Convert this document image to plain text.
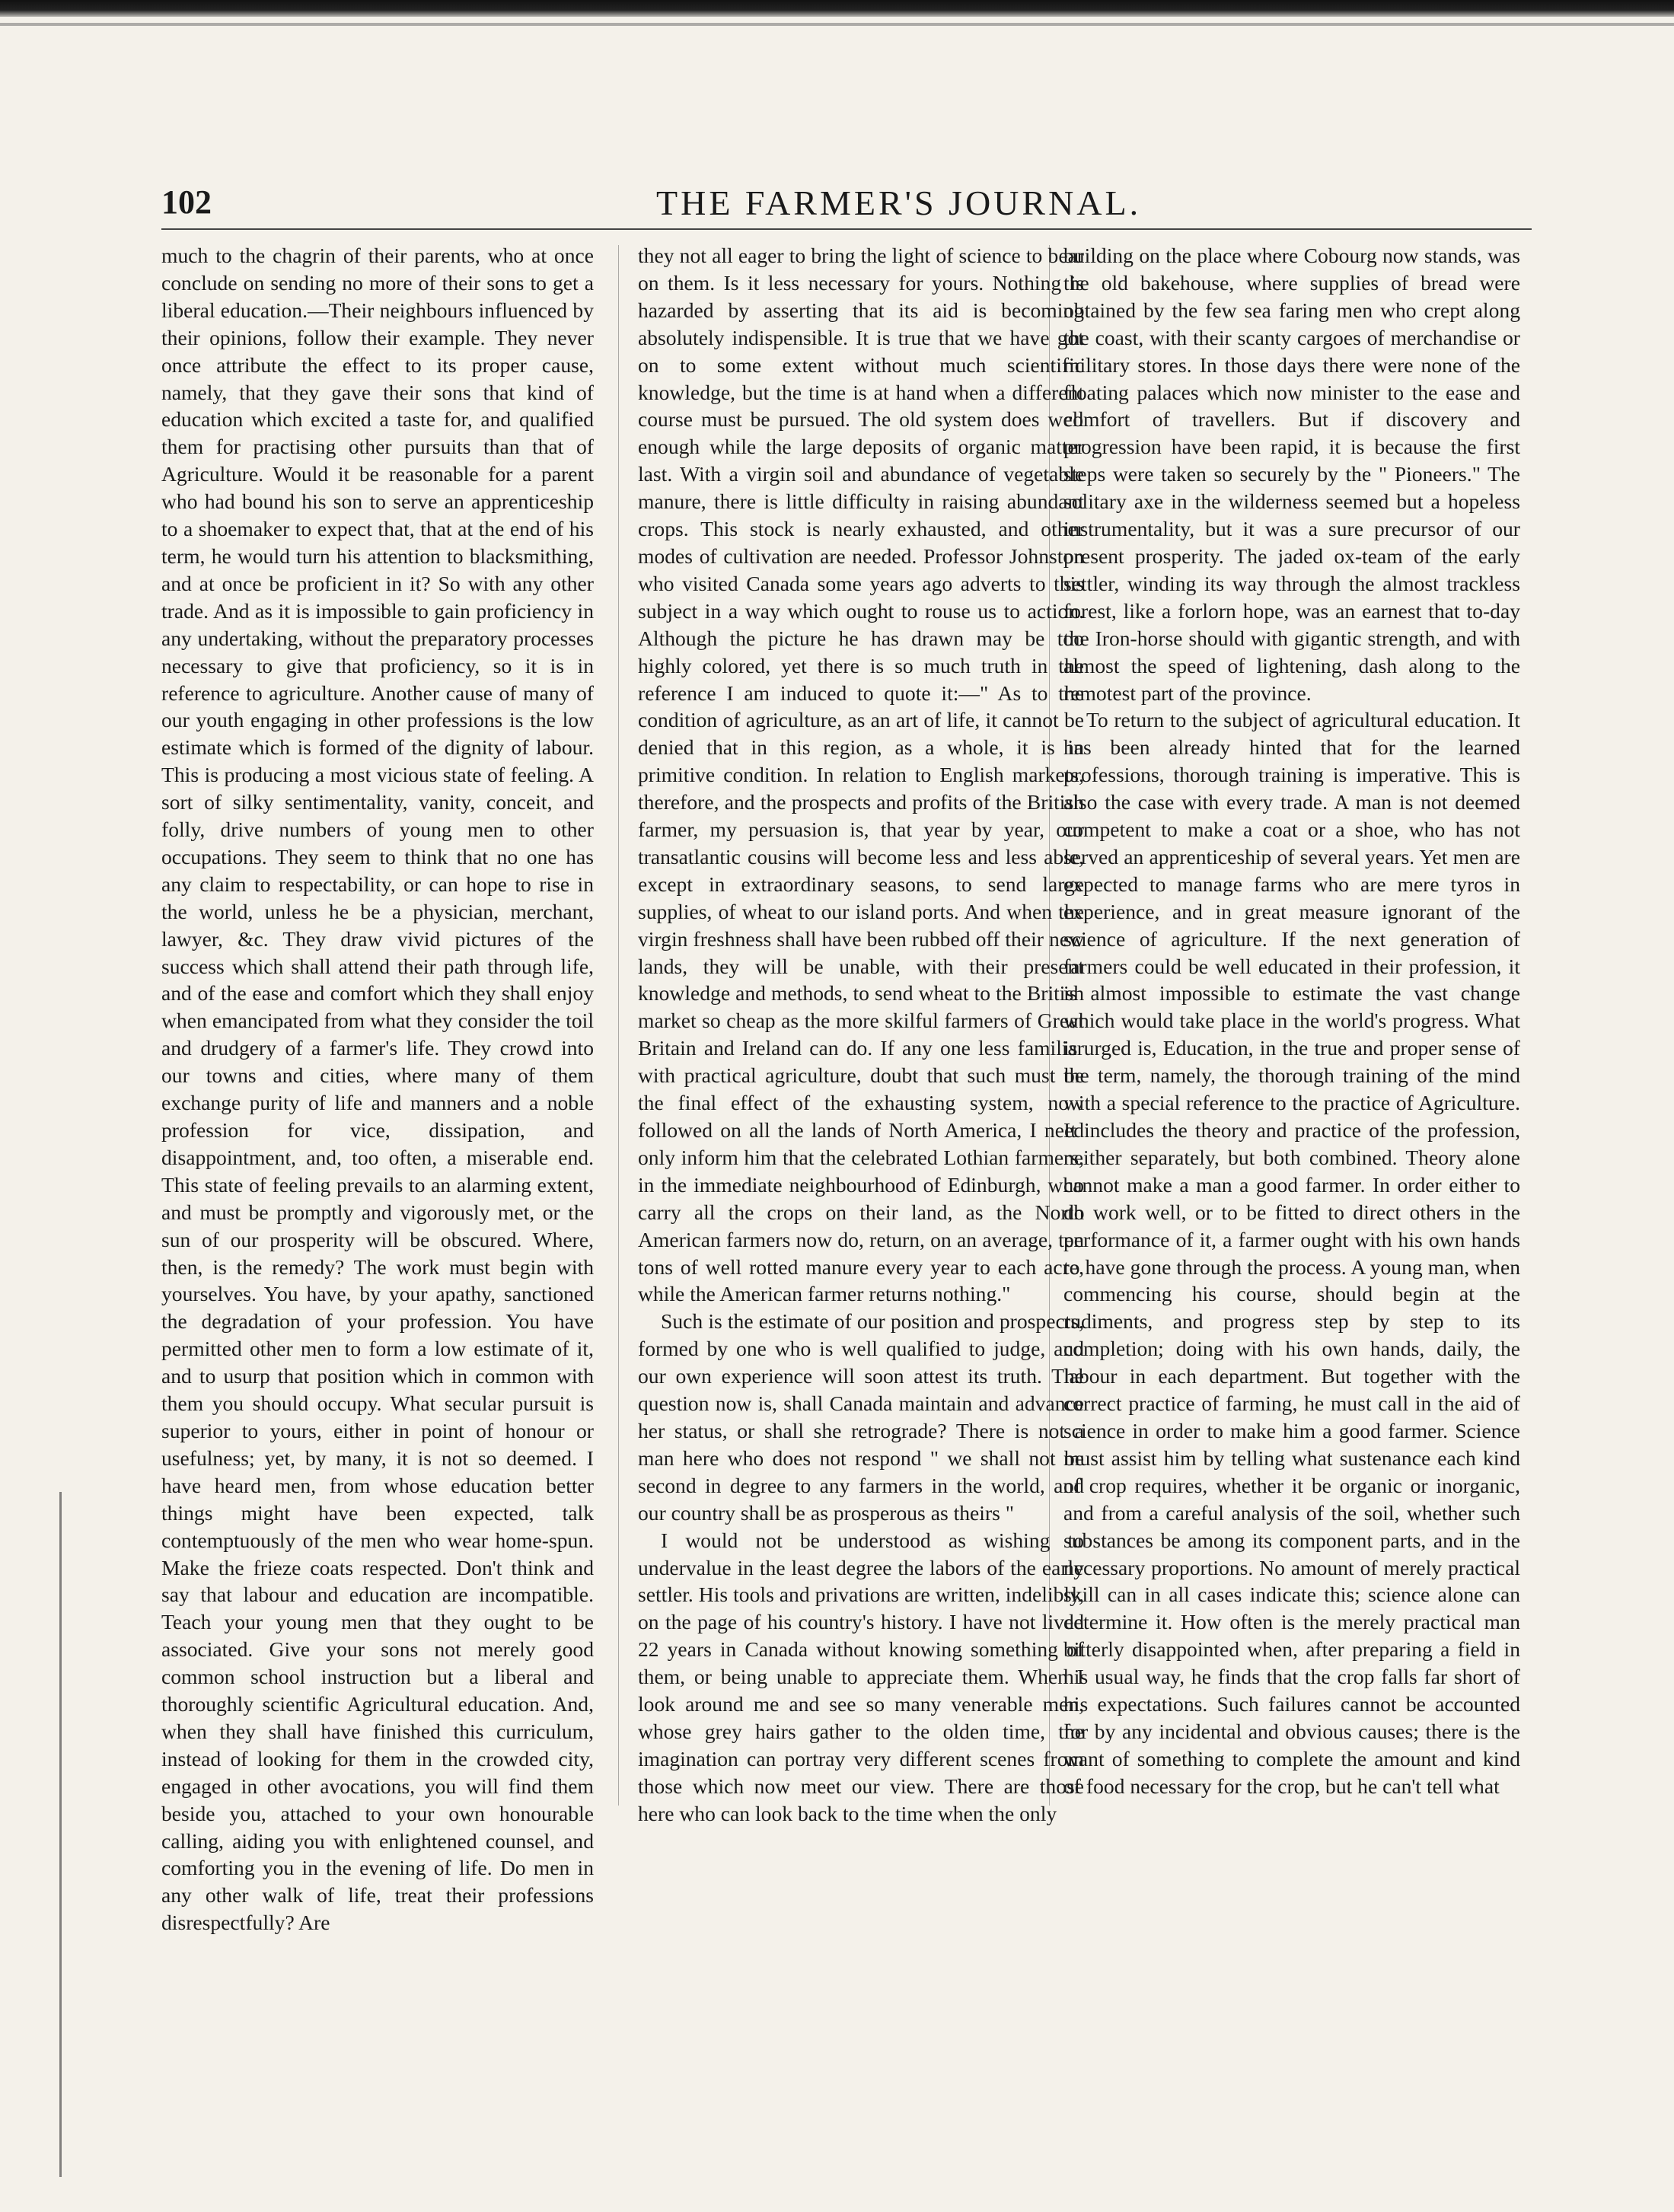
102	THE FARMER'S JOURNAL.

much to the chagrin of their parents, who at once conclude on sending no more of their sons to get a liberal education.—Their neighbours influenced by their opinions, follow their example. They never once attribute the effect to its proper cause, namely, that they gave their sons that kind of education which excited a taste for, and qualified them for practising other pursuits than that of Agriculture. Would it be reasonable for a parent who had bound his son to serve an apprenticeship to a shoemaker to expect that, that at the end of his term, he would turn his attention to blacksmithing, and at once be proficient in it? So with any other trade. And as it is impossible to gain proficiency in any undertaking, without the preparatory processes necessary to give that proficiency, so it is in reference to agriculture. Another cause of many of our youth engaging in other professions is the low estimate which is formed of the dignity of labour. This is producing a most vicious state of feeling. A sort of silky sentimentality, vanity, conceit, and folly, drive numbers of young men to other occupations. They seem to think that no one has any claim to respectability, or can hope to rise in the world, unless he be a physician, merchant, lawyer, &c. They draw vivid pictures of the success which shall attend their path through life, and of the ease and comfort which they shall enjoy when emancipated from what they consider the toil and drudgery of a farmer's life. They crowd into our towns and cities, where many of them exchange purity of life and manners and a noble profession for vice, dissipation, and disappointment, and, too often, a miserable end. This state of feeling prevails to an alarming extent, and must be promptly and vigorously met, or the sun of our prosperity will be obscured. Where, then, is the remedy? The work must begin with yourselves. You have, by your apathy, sanctioned the degradation of your profession. You have permitted other men to form a low estimate of it, and to usurp that position which in common with them you should occupy. What secular pursuit is superior to yours, either in point of honour or usefulness; yet, by many, it is not so deemed. I have heard men, from whose education better things might have been expected, talk contemptuously of the men who wear home-spun. Make the frieze coats respected. Don't think and say that labour and education are incompatible. Teach your young men that they ought to be associated. Give your sons not merely good common school instruction but a liberal and thoroughly scientific Agricultural education. And, when they shall have finished this curriculum, instead of looking for them in the crowded city, engaged in other avocations, you will find them beside you, attached to your own honourable calling, aiding you with enlightened counsel, and comforting you in the evening of life. Do men in any other walk of life, treat their professions disrespectfully? Are

they not all eager to bring the light of science to bear on them. Is it less necessary for yours. Nothing is hazarded by asserting that its aid is becoming absolutely indispensible. It is true that we have got on to some extent without much scientific knowledge, but the time is at hand when a different course must be pursued. The old system does well enough while the large deposits of organic matter last. With a virgin soil and abundance of vegetable manure, there is little difficulty in raising abundant crops. This stock is nearly exhausted, and other modes of cultivation are needed. Professor Johnston who visited Canada some years ago adverts to this subject in a way which ought to rouse us to action. Although the picture he has drawn may be too highly colored, yet there is so much truth in the reference I am induced to quote it:—" As to the condition of agriculture, as an art of life, it cannot be denied that in this region, as a whole, it is in primitive condition. In relation to English markets, therefore, and the prospects and profits of the British farmer, my persuasion is, that year by year, our transatlantic cousins will become less and less able, except in extraordinary seasons, to send large supplies, of wheat to our island ports. And when the virgin freshness shall have been rubbed off their new lands, they will be unable, with their present knowledge and methods, to send wheat to the British market so cheap as the more skilful farmers of Great Britain and Ireland can do. If any one less familiar with practical agriculture, doubt that such must be the final effect of the exhausting system, now followed on all the lands of North America, I need only inform him that the celebrated Lothian farmers, in the immediate neighbourhood of Edinburgh, who carry all the crops on their land, as the North American farmers now do, return, on an average, ten tons of well rotted manure every year to each acre, while the American farmer returns nothing."

Such is the estimate of our position and prospects, formed by one who is well qualified to judge, and our own experience will soon attest its truth. The question now is, shall Canada maintain and advance her status, or shall she retrograde? There is not a man here who does not respond " we shall not be second in degree to any farmers in the world, and our country shall be as prosperous as theirs "

I would not be understood as wishing to undervalue in the least degree the labors of the early settler. His tools and privations are written, indelibly, on the page of his country's history. I have not lived 22 years in Canada without knowing something of them, or being unable to appreciate them. When I look around me and see so many venerable men, whose grey hairs gather to the olden time, the imagination can portray very different scenes from those which now meet our view. There are those here who can look back to the time when the only

building on the place where Cobourg now stands, was the old bakehouse, where supplies of bread were obtained by the few sea faring men who crept along the coast, with their scanty cargoes of merchandise or military stores. In those days there were none of the floating palaces which now minister to the ease and comfort of travellers. But if discovery and progression have been rapid, it is because the first steps were taken so securely by the " Pioneers." The solitary axe in the wilderness seemed but a hopeless instrumentality, but it was a sure precursor of our present prosperity. The jaded ox-team of the early settler, winding its way through the almost trackless forest, like a forlorn hope, was an earnest that to-day the Iron-horse should with gigantic strength, and with almost the speed of lightening, dash along to the remotest part of the province.

To return to the subject of agricultural education. It has been already hinted that for the learned professions, thorough training is imperative. This is also the case with every trade. A man is not deemed competent to make a coat or a shoe, who has not served an apprenticeship of several years. Yet men are expected to manage farms who are mere tyros in experience, and in great measure ignorant of the science of agriculture. If the next generation of farmers could be well educated in their profession, it is almost impossible to estimate the vast change which would take place in the world's progress. What is urged is, Education, in the true and proper sense of the term, namely, the thorough training of the mind with a special reference to the practice of Agriculture. It includes the theory and practice of the profession, neither separately, but both combined. Theory alone cannot make a man a good farmer. In order either to do work well, or to be fitted to direct others in the performance of it, a farmer ought with his own hands to have gone through the process. A young man, when commencing his course, should begin at the rudiments, and progress step by step to its completion; doing with his own hands, daily, the labour in each department. But together with the correct practice of farming, he must call in the aid of science in order to make him a good farmer. Science must assist him by telling what sustenance each kind of crop requires, whether it be organic or inorganic, and from a careful analysis of the soil, whether such substances be among its component parts, and in the necessary proportions. No amount of merely practical skill can in all cases indicate this; science alone can determine it. How often is the merely practical man bitterly disappointed when, after preparing a field in his usual way, he finds that the crop falls far short of his expectations. Such failures cannot be accounted for by any incidental and obvious causes; there is the want of something to complete the amount and kind of food necessary for the crop, but he can't tell what
